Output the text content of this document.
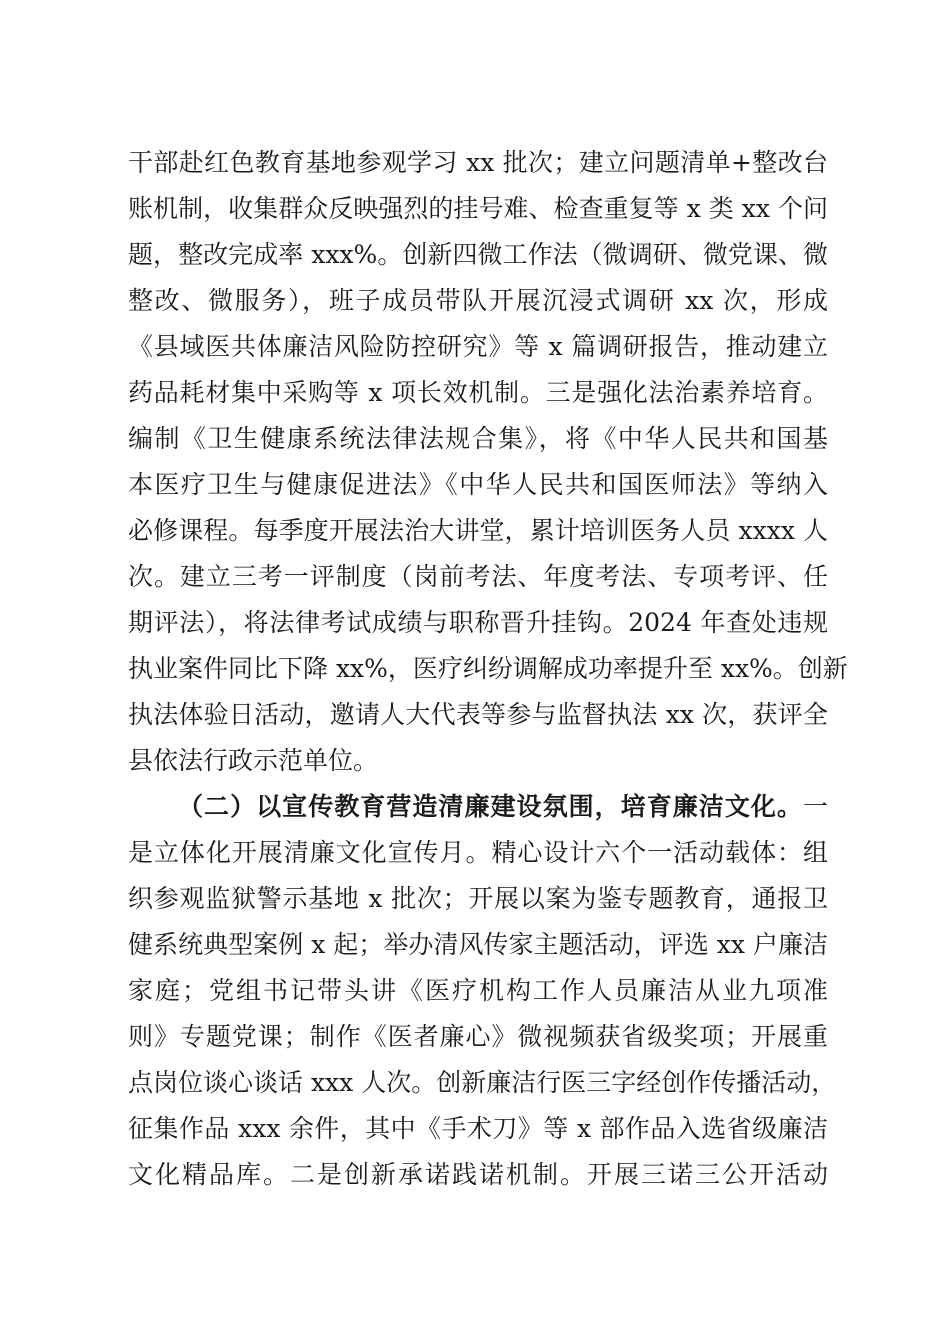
干部赴红色教育基地参观学习 xx 批次；建立问题清单+整改台
账机制，收集群众反映强烈的挂号难、检查重复等 x 类 xx 个问
题，整改完成率 xxx%。创新四微工作法（微调研、微党课、微
整改、微服务），班子成员带队开展沉浸式调研 xx 次，形成
《县域医共体廉洁风险防控研究》等 x 篇调研报告，推动建立
药品耗材集中采购等 x 项长效机制。三是强化法治素养培育。
编制《卫生健康系统法律法规合集》，将《中华人民共和国基
本医疗卫生与健康促进法》《中华人民共和国医师法》等纳入
必修课程。每季度开展法治大讲堂，累计培训医务人员 xxxx 人
次。建立三考一评制度（岗前考法、年度考法、专项考评、任
期评法），将法律考试成绩与职称晋升挂钩。2024 年查处违规
执业案件同比下降 xx%，医疗纠纷调解成功率提升至 xx%。创新
执法体验日活动，邀请人大代表等参与监督执法 xx 次，获评全
县依法行政示范单位。
（二）以宣传教育营造清廉建设氛围，培育廉洁文化。一
是立体化开展清廉文化宣传月。精心设计六个一活动载体：组
织参观监狱警示基地 x 批次；开展以案为鉴专题教育，通报卫
健系统典型案例 x 起；举办清风传家主题活动，评选 xx 户廉洁
家庭；党组书记带头讲《医疗机构工作人员廉洁从业九项准
则》专题党课；制作《医者廉心》微视频获省级奖项；开展重
点岗位谈心谈话 xxx 人次。创新廉洁行医三字经创作传播活动，
征集作品 xxx 余件，其中《手术刀》等 x 部作品入选省级廉洁
文化精品库。二是创新承诺践诺机制。开展三诺三公开活动
